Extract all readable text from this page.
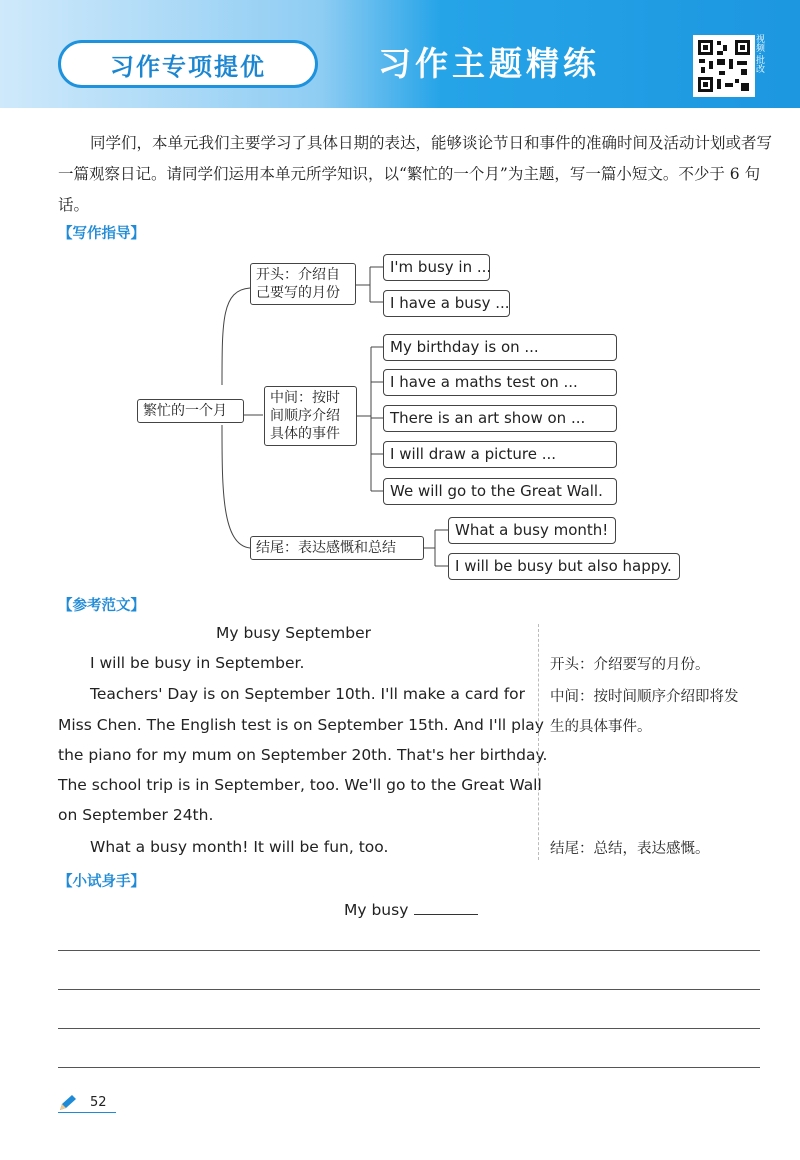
习作专项提优	习作主题精练	视频·批改
同学们，本单元我们主要学习了具体日期的表达，能够谈论节日和事件的准确时间及活动计划或者写一篇观察日记。请同学们运用本单元所学知识，以“繁忙的一个月”为主题，写一篇小短文。不少于 6 句话。
【写作指导】
繁忙的一个月
开头：介绍自己要写的月份
I'm busy in ...
I have a busy ...
中间：按时间顺序介绍具体的事件
My birthday is on ...
I have a maths test on ...
There is an art show on ...
I will draw a picture ...
We will go to the Great Wall.
结尾：表达感慨和总结
What a busy month!
I will be busy but also happy.
【参考范文】
My busy September
I will be busy in September.
Teachers' Day is on September 10th. I'll make a card for
Miss Chen. The English test is on September 15th. And I'll play
the piano for my mum on September 20th. That's her birthday.
The school trip is in September, too. We'll go to the Great Wall
on September 24th.
What a busy month! It will be fun, too.
开头：介绍要写的月份。
中间：按时间顺序介绍即将发生的具体事件。
结尾：总结，表达感慨。
【小试身手】
My busy
52
